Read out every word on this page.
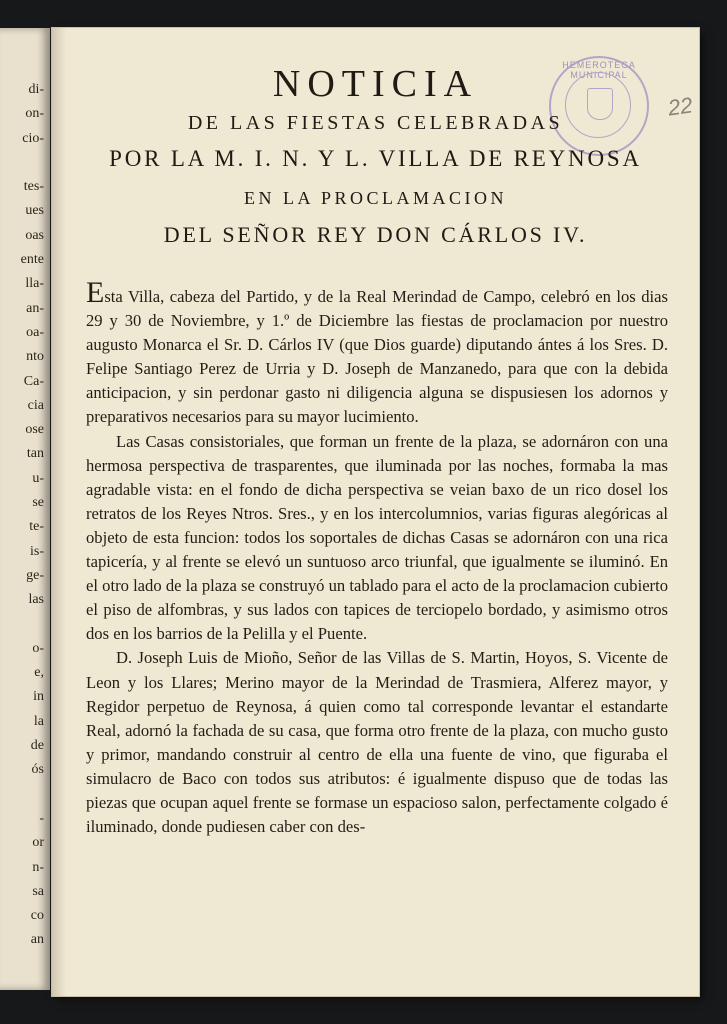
di-
on-
cio-

tes-
ues
oas
ente
lla-
an-
oa-
nto
Ca-
cia
ose
tan
u-
se
te-
is-
ge-
las

o-
e,
in
la
de
ós

-
or
n-
sa
co
an
HEMEROTECA MUNICIPAL
22
NOTICIA
DE LAS FIESTAS CELEBRADAS
POR LA M. I. N. Y L. VILLA DE REYNOSA
EN LA PROCLAMACION
DEL SEÑOR REY DON CÁRLOS IV.

Esta Villa, cabeza del Partido, y de la Real Merindad de Campo, celebró en los dias 29 y 30 de Noviembre, y 1.º de Diciembre las fiestas de proclamacion por nuestro augusto Monarca el Sr. D. Cárlos IV (que Dios guarde) diputando ántes á los Sres. D. Felipe Santiago Perez de Urria y D. Joseph de Manzanedo, para que con la debida anticipacion, y sin perdonar gasto ni diligencia alguna se dispusiesen los adornos y preparativos necesarios para su mayor lucimiento.

Las Casas consistoriales, que forman un frente de la plaza, se adornáron con una hermosa perspectiva de trasparentes, que iluminada por las noches, formaba la mas agradable vista: en el fondo de dicha perspectiva se veian baxo de un rico dosel los retratos de los Reyes Ntros. Sres., y en los intercolumnios, varias figuras alegóricas al objeto de esta funcion: todos los soportales de dichas Casas se adornáron con una rica tapicería, y al frente se elevó un suntuoso arco triunfal, que igualmente se iluminó. En el otro lado de la plaza se construyó un tablado para el acto de la proclamacion cubierto el piso de alfombras, y sus lados con tapices de terciopelo bordado, y asimismo otros dos en los barrios de la Pelilla y el Puente.

D. Joseph Luis de Mioño, Señor de las Villas de S. Martin, Hoyos, S. Vicente de Leon y los Llares; Merino mayor de la Merindad de Trasmiera, Alferez mayor, y Regidor perpetuo de Reynosa, á quien como tal corresponde levantar el estandarte Real, adornó la fachada de su casa, que forma otro frente de la plaza, con mucho gusto y primor, mandando construir al centro de ella una fuente de vino, que figuraba el simulacro de Baco con todos sus atributos: é igualmente dispuso que de todas las piezas que ocupan aquel frente se formase un espacioso salon, perfectamente colgado é iluminado, donde pudiesen caber con des-
